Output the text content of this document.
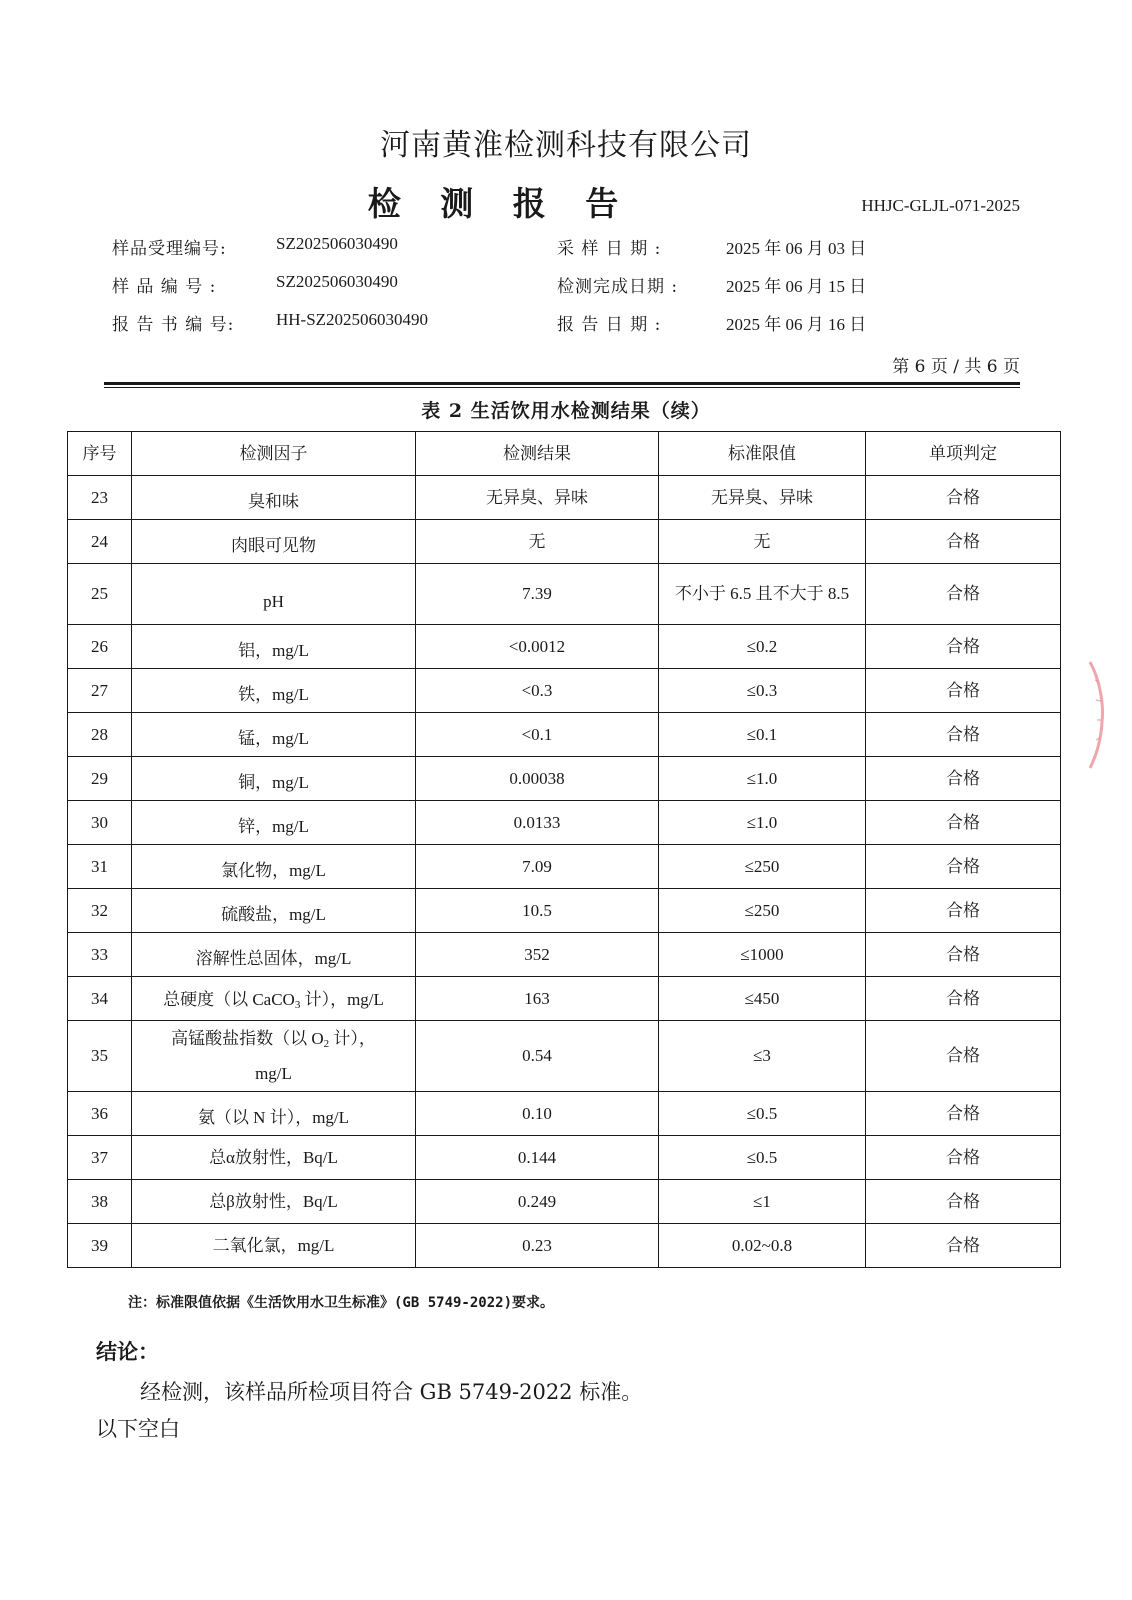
河南黄淮检测科技有限公司
检 测 报 告	HHJC-GLJL-071-2025
样品受理编号:	SZ202506030490	采 样 日 期 :	2025 年 06 月 03 日
样 品 编 号 :	SZ202506030490	检测完成日期 :	2025 年 06 月 15 日
报 告 书 编 号: HH-SZ202506030490	报 告 日 期 :	2025 年 06 月 16 日
第 6 页 / 共 6 页
表 2 生活饮用水检测结果（续）
序号	检测因子	检测结果	标准限值	单项判定
23	臭和味	无异臭、异味	无异臭、异味	合格
24	肉眼可见物	无	无	合格
25	pH	7.39	不小于 6.5 且不大于 8.5	合格
26	铝，mg/L	<0.0012	≤0.2	合格
27	铁，mg/L	<0.3	≤0.3	合格
28	锰，mg/L	<0.1	≤0.1	合格
29	铜，mg/L	0.00038	≤1.0	合格
30	锌，mg/L	0.0133	≤1.0	合格
31	氯化物，mg/L	7.09	≤250	合格
32	硫酸盐，mg/L	10.5	≤250	合格
33	溶解性总固体，mg/L	352	≤1000	合格
34	总硬度（以 CaCO$_3$ 计），mg/L	163	≤450	合格
35	高锰酸盐指数（以 $O_2$ 计），mg/L	0.54	≤3	合格
36	氨（以 N 计），mg/L	0.10	≤0.5	合格
37	总α放射性，Bq/L	0.144	≤0.5	合格
38	总β放射性，Bq/L	0.249	≤1	合格
39	二氧化氯，mg/L	0.23	0.02~0.8	合格
注：标准限值依据《生活饮用水卫生标准》(GB 5749-2022)要求。
结论：
经检测，该样品所检项目符合 GB 5749-2022 标准。
以下空白
